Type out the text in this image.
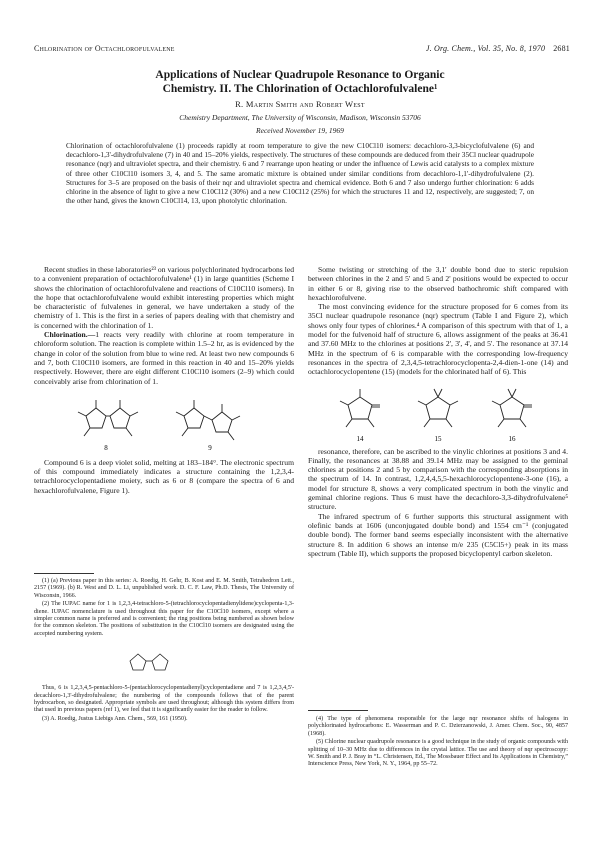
Chlorination of Octachlorofulvalene	J. Org. Chem., Vol. 35, No. 8, 1970 2681
Applications of Nuclear Quadrupole Resonance to Organic
Chemistry. II. The Chlorination of Octachlorofulvalene¹
R. Martin Smith and Robert West
Chemistry Department, The University of Wisconsin, Madison, Wisconsin 53706
Received November 19, 1969
Chlorination of octachlorofulvalene (1) proceeds rapidly at room temperature to give the new C10Cl10 isomers: decachloro-3,3-bicyclofulvalene (6) and decachloro-1,3'-dihydrofulvalene (7) in 40 and 15–20% yields, respectively. The structures of these compounds are deduced from their 35Cl nuclear quadrupole resonance (nqr) and ultraviolet spectra, and their chemistry. 6 and 7 rearrange upon heating or under the influence of Lewis acid catalysts to a complex mixture of three other C10Cl10 isomers 3, 4, and 5. The same aromatic mixture is obtained under similar conditions from decachloro-1,1'-dihydrofulvalene (2). Structures for 3–5 are proposed on the basis of their nqr and ultraviolet spectra and chemical evidence. Both 6 and 7 also undergo further chlorination: 6 adds chlorine in the absence of light to give a new C10Cl12 (30%) and a new C10Cl12 (25%) for which the structures 11 and 12, respectively, are suggested; 7, on the other hand, gives the known C10Cl14, 13, upon photolytic chlorination.

Recent studies in these laboratories²³ on various polychlorinated hydrocarbons led to a convenient preparation of octachlorofulvalene¹ (1) in large quantities (Scheme I shows the chlorination of octachlorofulvalene and reactions of C10Cl10 isomers). In the hope that octachlorofulvalene would exhibit interesting properties which might be characteristic of fulvalenes in general, we have undertaken a study of the chemistry of 1. This is the first in a series of papers dealing with that chemistry and is concerned with the chlorination of 1.

Chlorination.—1 reacts very readily with chlorine at room temperature in chloroform solution. The reaction is complete within 1.5–2 hr, as is evidenced by the change in color of the solution from blue to wine red. At least two new compounds 6 and 7, both C10Cl10 isomers, are formed in this reaction in 40 and 15–20% yields respectively. However, there are eight different C10Cl10 isomers (2–9) which could conceivably arise from chlorination of 1.

8	9

Compound 6 is a deep violet solid, melting at 183–184°. The electronic spectrum of this compound immediately indicates a structure containing the 1,2,3,4-tetrachlorocyclopentadiene moiety, such as 6 or 8 (compare the spectra of 6 and hexachlorofulvalene, Figure 1).

(1) (a) Previous paper in this series: A. Roedig, H. Gehr, B. Kost and E. M. Smith, Tetrahedron Lett., 2157 (1969). (b) R. West and D. L. Li, unpublished work. D. C. F. Law, Ph.D. Thesis, The University of Wisconsin, 1966.

(2) The IUPAC name for 1 is 1,2,3,4-tetrachloro-5-(tetrachlorocyclopentadienylidene)cyclopenta-1,3-diene. IUPAC nomenclature is used throughout this paper for the C10Cl10 isomers, except where a simpler common name is preferred and is convenient; the ring positions being numbered as shown below for the common skeleton. The positions of substitution in the C10Cl10 isomers are designated using the accepted numbering system.

Thus, 6 is 1,2,3,4,5-pentachloro-5-(pentachlorocyclopentadienyl)cyclopentadiene and 7 is 1,2,3,4,5'-decachloro-1,3'-dihydrofulvalene; the numbering of the compounds follows that of the parent hydrocarbon, so designated. Appropriate symbols are used throughout; although this system differs from that used in previous papers (ref 1), we feel that it is significantly easier for the reader to follow.

(3) A. Roedig, Justus Liebigs Ann. Chem., 569, 161 (1950).

Some twisting or stretching of the 3,1' double bond due to steric repulsion between chlorines in the 2 and 5' and 5 and 2' positions would be expected to occur in either 6 or 8, giving rise to the observed bathochromic shift compared with hexachlorofulvene.

The most convincing evidence for the structure proposed for 6 comes from its 35Cl nuclear quadrupole resonance (nqr) spectrum (Table I and Figure 2), which shows only four types of chlorines.⁴ A comparison of this spectrum with that of 1, a model for the fulvenoid half of structure 6, allows assignment of the peaks at 36.41 and 37.60 MHz to the chlorines at positions 2', 3', 4', and 5'. The resonance at 37.14 MHz in the spectrum of 6 is comparable with the corresponding low-frequency resonances in the spectra of 2,3,4,5-tetrachlorocyclopenta-2,4-dien-1-one (14) and octachlorocyclopentene (15) (models for the chlorinated half of 6). This

14	15	16

resonance, therefore, can be ascribed to the vinylic chlorines at positions 3 and 4. Finally, the resonances at 38.88 and 39.14 MHz may be assigned to the geminal chlorines at positions 2 and 5 by comparison with the corresponding absorptions in the spectrum of 14. In contrast, 1,2,4,4,5,5-hexachlorocyclopentene-3-one (16), a model for structure 8, shows a very complicated spectrum in both the vinylic and geminal chlorine regions. Thus 6 must have the decachloro-3,3-dihydrofulvalene⁵ structure.

The infrared spectrum of 6 further supports this structural assignment with olefinic bands at 1606 (unconjugated double bond) and 1554 cm⁻¹ (conjugated double bond). The former band seems especially inconsistent with the alternative structure 8. In addition 6 shows an intense m/e 235 (C5Cl5+) peak in its mass spectrum (Table II), which supports the proposed bicyclopentyl carbon skeleton.

(4) The type of phenomena responsible for the large nqr resonance shifts of halogens in polychlorinated hydrocarbons: E. Wasserman and P. C. Dzierzanowski, J. Amer. Chem. Soc., 90, 4857 (1968).

(5) Chlorine nuclear quadrupole resonance is a good technique in the study of organic compounds with splitting of 10–30 MHz due to differences in the crystal lattice. The use and theory of nqr spectroscopy: W. Smith and P. J. Bray in “L. Christensen, Ed., The Mossbauer Effect and Its Applications in Chemistry,” Interscience Press, New York, N. Y., 1964, pp 55–72.
